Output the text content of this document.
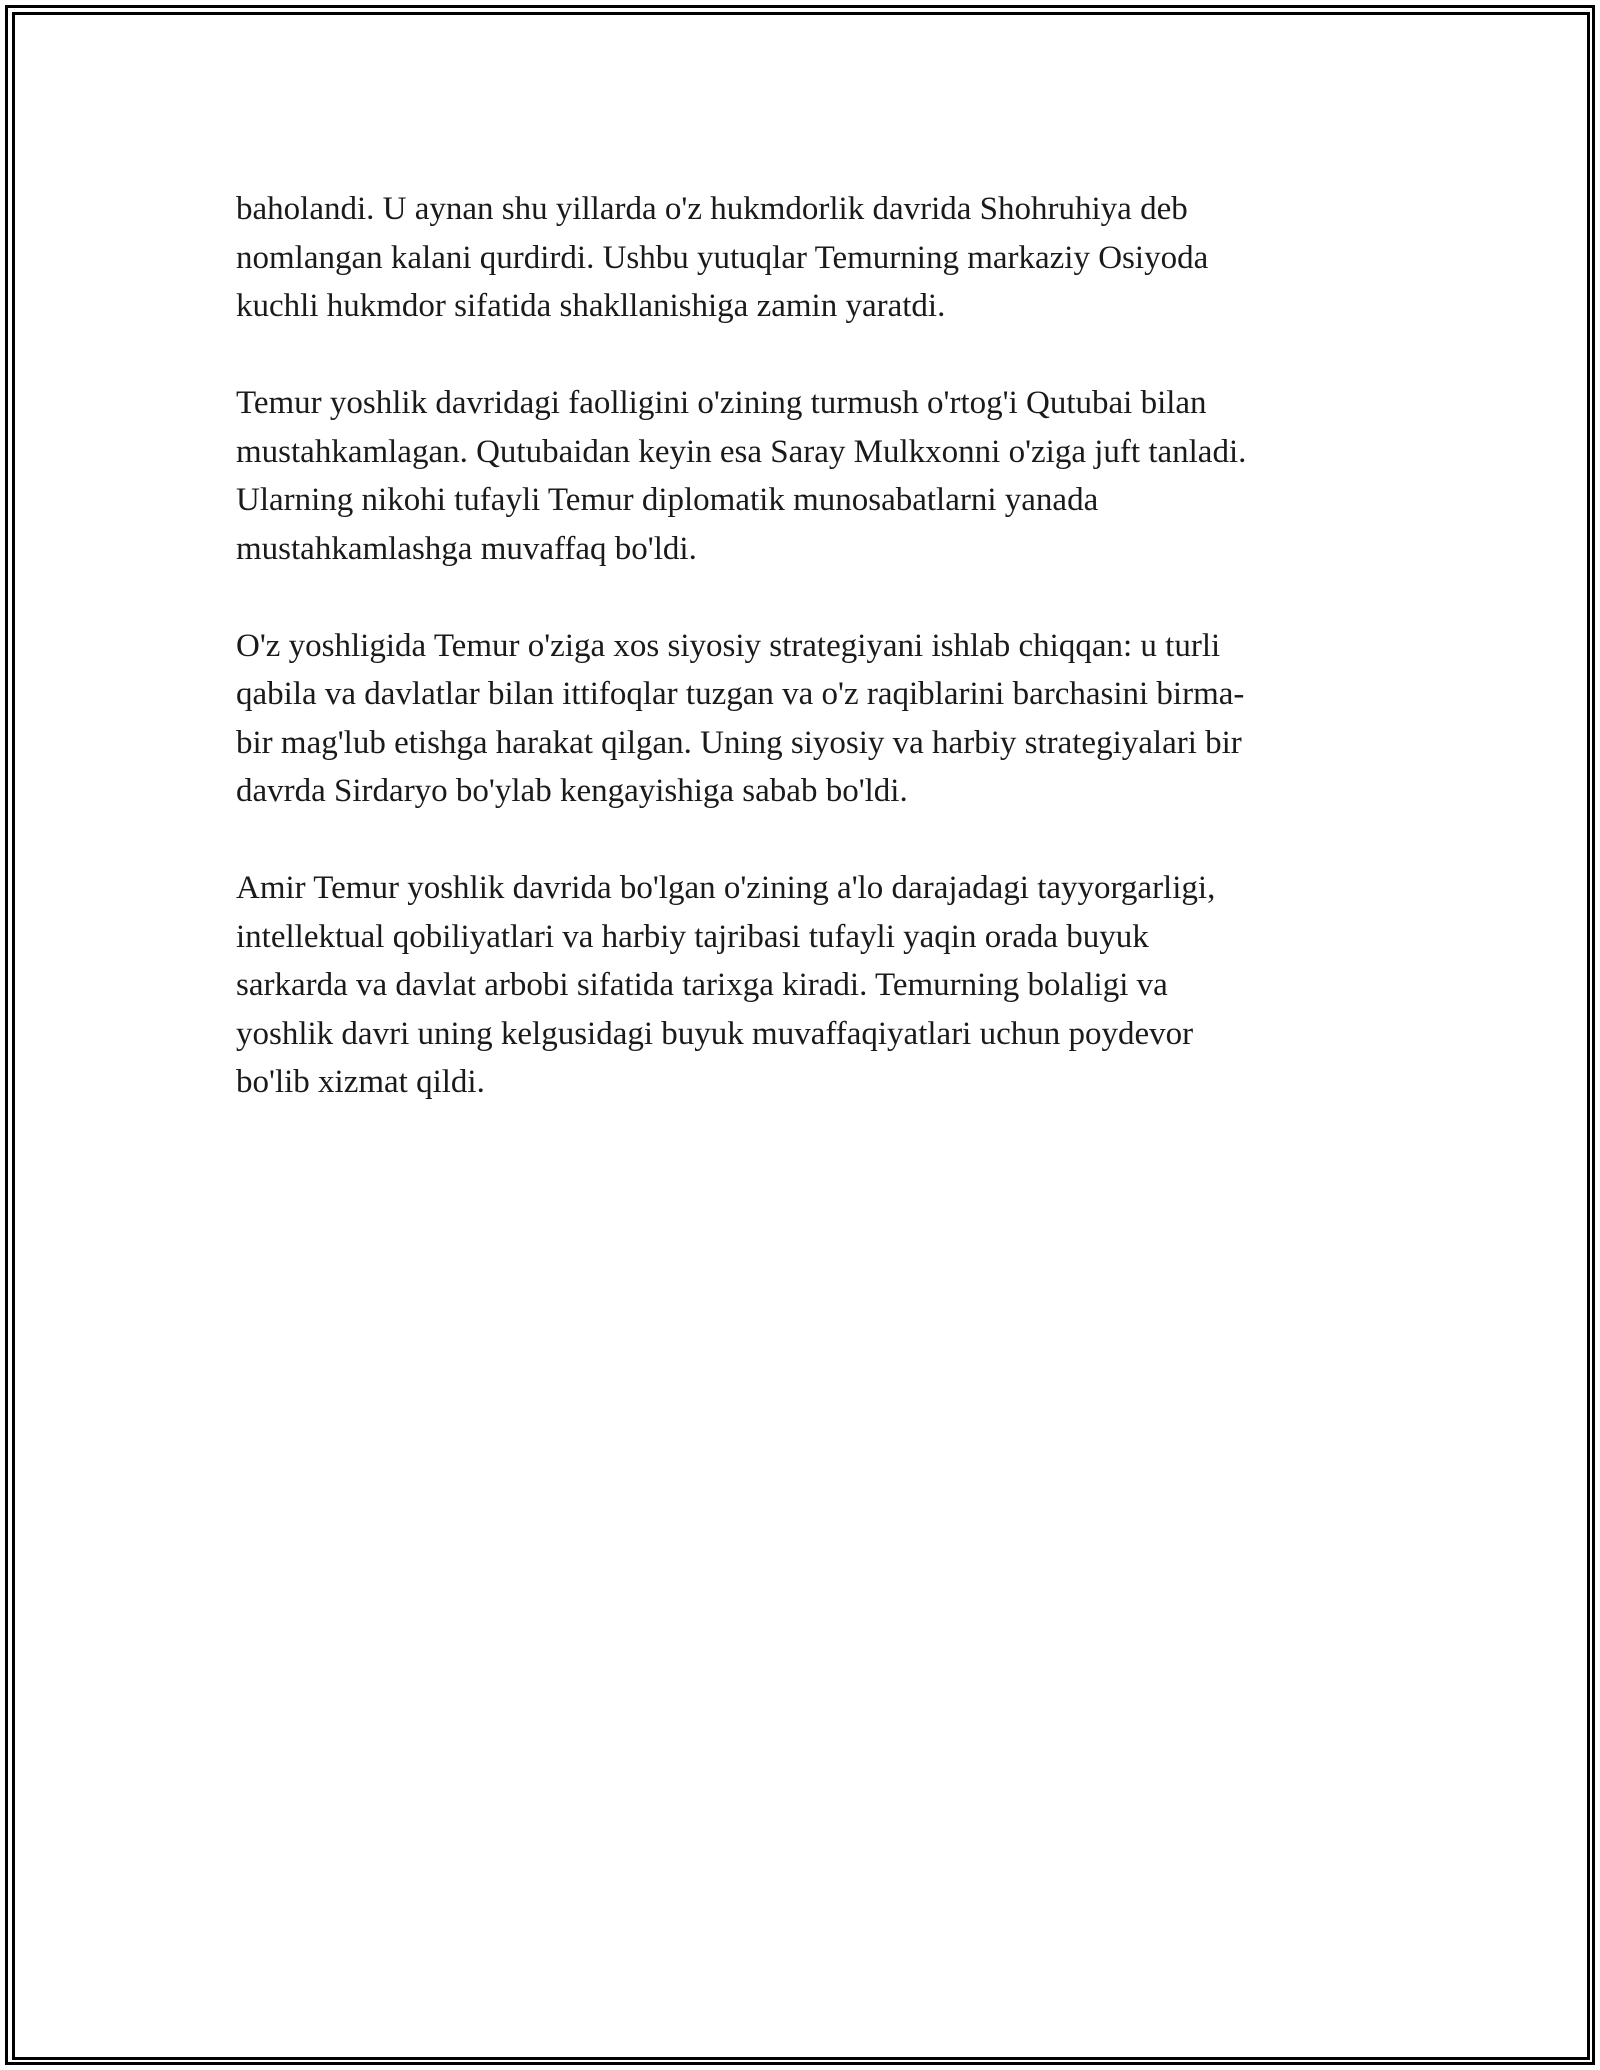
baholandi. U aynan shu yillarda o'z hukmdorlik davrida Shohruhiya deb
nomlangan kalani qurdirdi. Ushbu yutuqlar Temurning markaziy Osiyoda
kuchli hukmdor sifatida shakllanishiga zamin yaratdi.

Temur yoshlik davridagi faolligini o'zining turmush o'rtog'i Qutubai bilan
mustahkamlagan. Qutubaidan keyin esa Saray Mulkxonni o'ziga juft tanladi.
Ularning nikohi tufayli Temur diplomatik munosabatlarni yanada
mustahkamlashga muvaffaq bo'ldi.

O'z yoshligida Temur o'ziga xos siyosiy strategiyani ishlab chiqqan: u turli
qabila va davlatlar bilan ittifoqlar tuzgan va o'z raqiblarini barchasini birma-
bir mag'lub etishga harakat qilgan. Uning siyosiy va harbiy strategiyalari bir
davrda Sirdaryo bo'ylab kengayishiga sabab bo'ldi.

Amir Temur yoshlik davrida bo'lgan o'zining a'lo darajadagi tayyorgarligi,
intellektual qobiliyatlari va harbiy tajribasi tufayli yaqin orada buyuk
sarkarda va davlat arbobi sifatida tarixga kiradi. Temurning bolaligi va
yoshlik davri uning kelgusidagi buyuk muvaffaqiyatlari uchun poydevor
bo'lib xizmat qildi.
